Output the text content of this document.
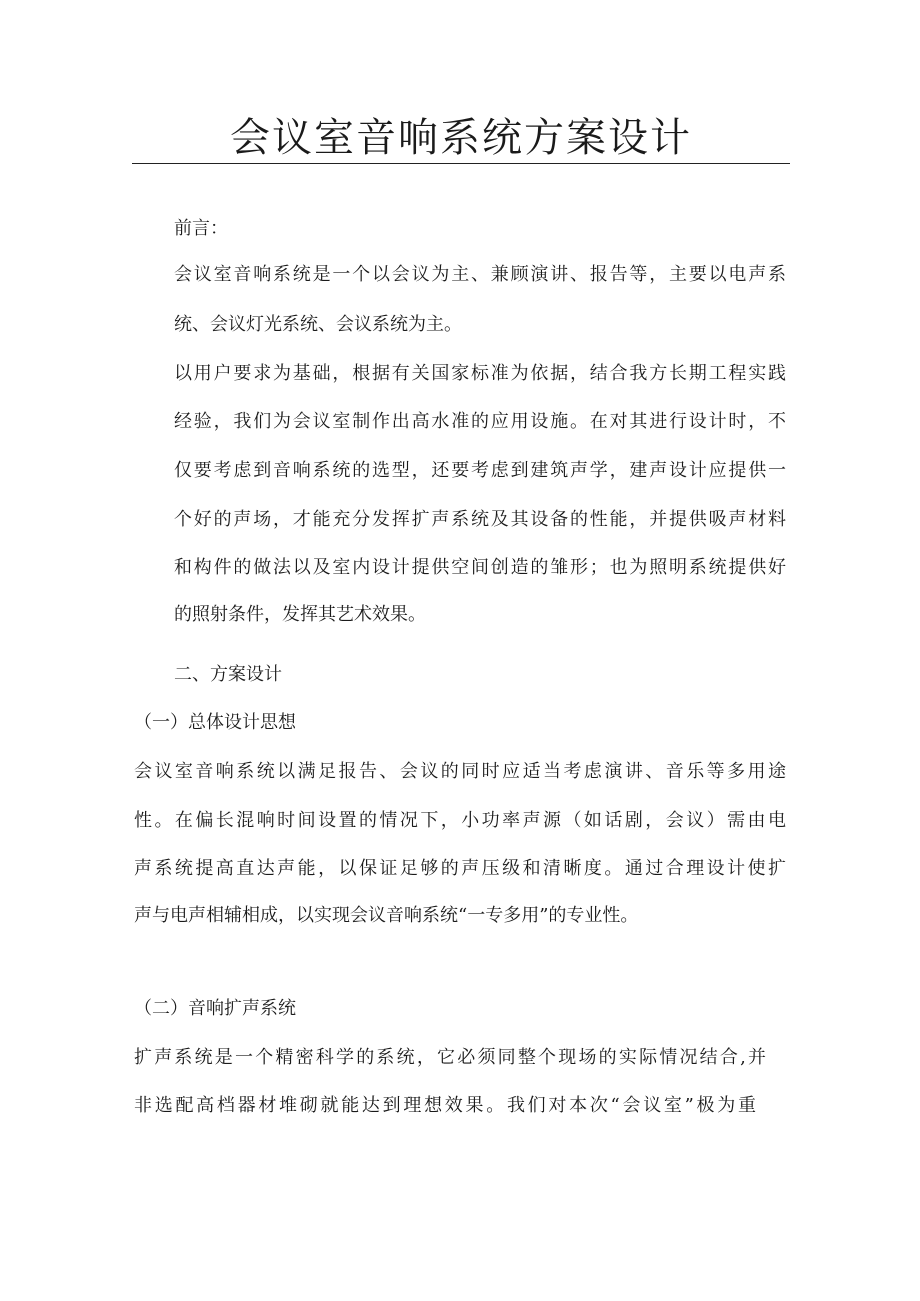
会议室音响系统方案设计

前言：

会议室音响系统是一个以会议为主、兼顾演讲、报告等，主要以电声系

统、会议灯光系统、会议系统为主。

以用户要求为基础，根据有关国家标准为依据，结合我方长期工程实践

经验，我们为会议室制作出高水准的应用设施。在对其进行设计时，不

仅要考虑到音响系统的选型，还要考虑到建筑声学，建声设计应提供一

个好的声场，才能充分发挥扩声系统及其设备的性能，并提供吸声材料

和构件的做法以及室内设计提供空间创造的雏形；也为照明系统提供好

的照射条件，发挥其艺术效果。

二、方案设计

（一）总体设计思想

会议室音响系统以满足报告、会议的同时应适当考虑演讲、音乐等多用途

性。在偏长混响时间设置的情况下，小功率声源（如话剧，会议）需由电

声系统提高直达声能，以保证足够的声压级和清晰度。通过合理设计使扩

声与电声相辅相成，以实现会议音响系统“一专多用”的专业性。

（二）音响扩声系统

扩声系统是一个精密科学的系统，它必须同整个现场的实际情况结合,并

非选配高档器材堆砌就能达到理想效果。我们对本次“会议室”极为重
